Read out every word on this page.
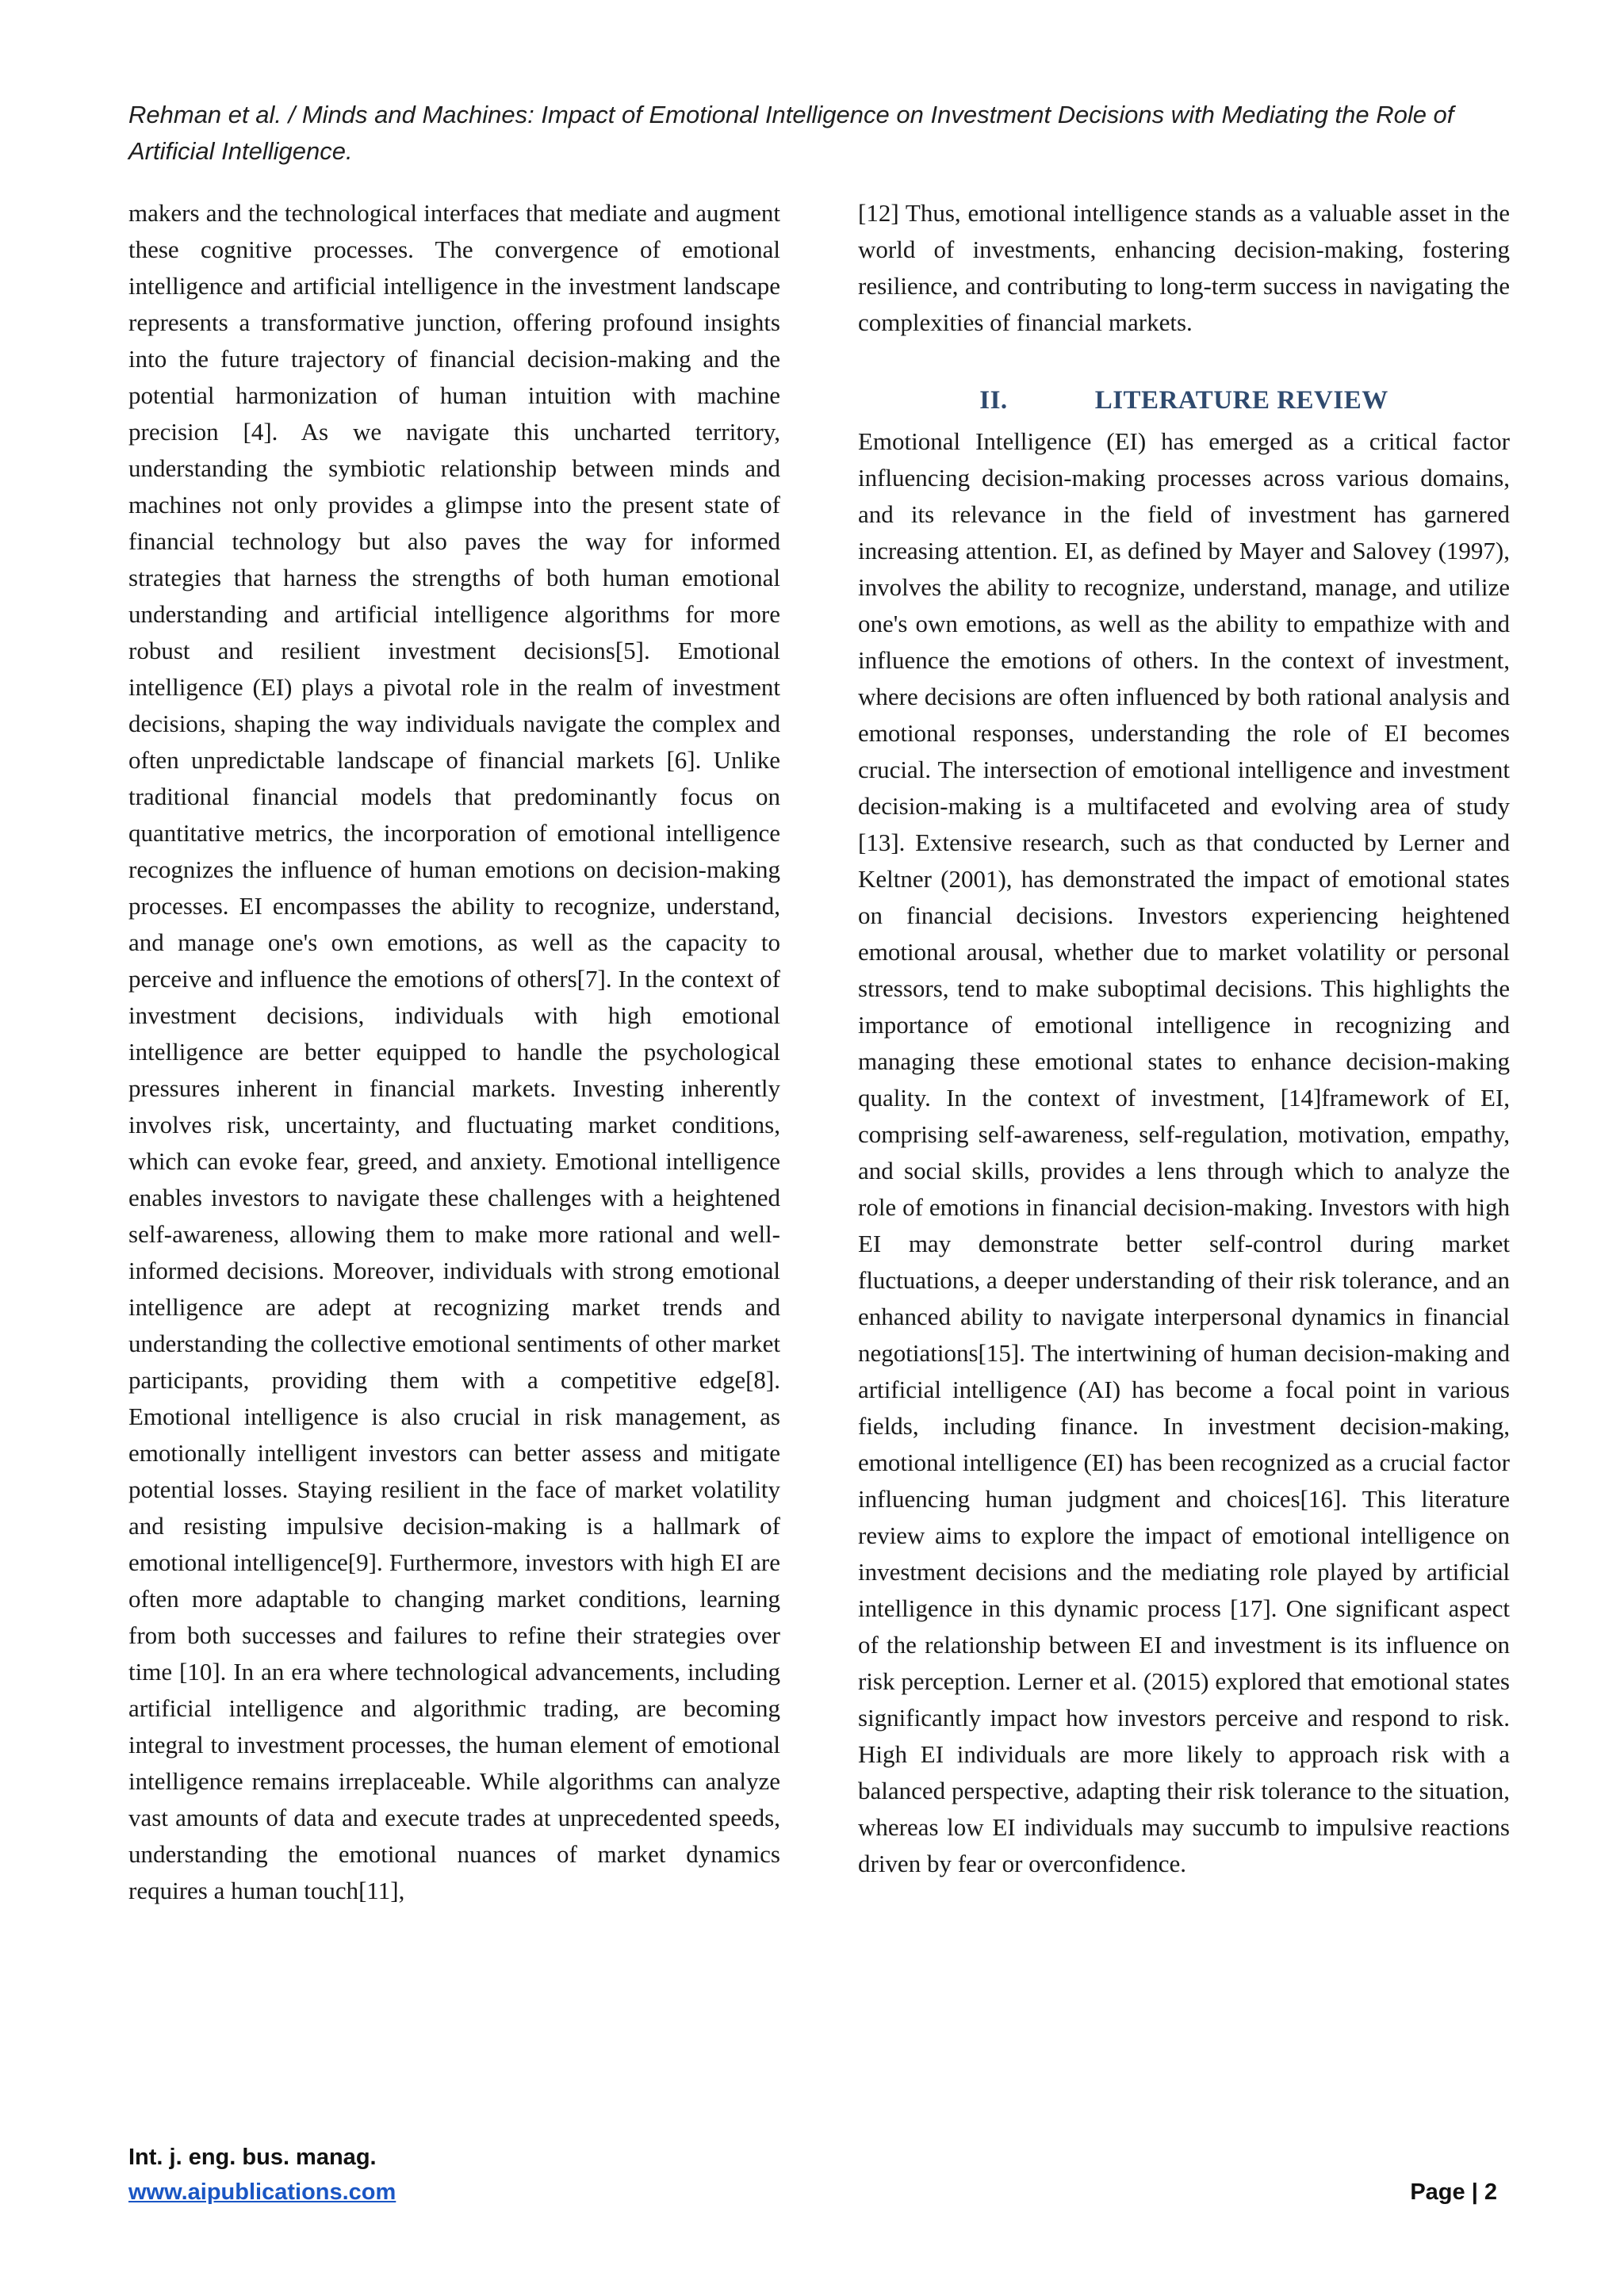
Rehman et al. / Minds and Machines: Impact of Emotional Intelligence on Investment Decisions with Mediating the Role of Artificial Intelligence.

makers and the technological interfaces that mediate and augment these cognitive processes. The convergence of emotional intelligence and artificial intelligence in the investment landscape represents a transformative junction, offering profound insights into the future trajectory of financial decision-making and the potential harmonization of human intuition with machine precision [4]. As we navigate this uncharted territory, understanding the symbiotic relationship between minds and machines not only provides a glimpse into the present state of financial technology but also paves the way for informed strategies that harness the strengths of both human emotional understanding and artificial intelligence algorithms for more robust and resilient investment decisions[5]. Emotional intelligence (EI) plays a pivotal role in the realm of investment decisions, shaping the way individuals navigate the complex and often unpredictable landscape of financial markets [6]. Unlike traditional financial models that predominantly focus on quantitative metrics, the incorporation of emotional intelligence recognizes the influence of human emotions on decision-making processes. EI encompasses the ability to recognize, understand, and manage one's own emotions, as well as the capacity to perceive and influence the emotions of others[7]. In the context of investment decisions, individuals with high emotional intelligence are better equipped to handle the psychological pressures inherent in financial markets. Investing inherently involves risk, uncertainty, and fluctuating market conditions, which can evoke fear, greed, and anxiety. Emotional intelligence enables investors to navigate these challenges with a heightened self-awareness, allowing them to make more rational and well-informed decisions. Moreover, individuals with strong emotional intelligence are adept at recognizing market trends and understanding the collective emotional sentiments of other market participants, providing them with a competitive edge[8]. Emotional intelligence is also crucial in risk management, as emotionally intelligent investors can better assess and mitigate potential losses. Staying resilient in the face of market volatility and resisting impulsive decision-making is a hallmark of emotional intelligence[9]. Furthermore, investors with high EI are often more adaptable to changing market conditions, learning from both successes and failures to refine their strategies over time [10]. In an era where technological advancements, including artificial intelligence and algorithmic trading, are becoming integral to investment processes, the human element of emotional intelligence remains irreplaceable. While algorithms can analyze vast amounts of data and execute trades at unprecedented speeds, understanding the emotional nuances of market dynamics requires a human touch[11],

[12] Thus, emotional intelligence stands as a valuable asset in the world of investments, enhancing decision-making, fostering resilience, and contributing to long-term success in navigating the complexities of financial markets.

II.	LITERATURE REVIEW

Emotional Intelligence (EI) has emerged as a critical factor influencing decision-making processes across various domains, and its relevance in the field of investment has garnered increasing attention. EI, as defined by Mayer and Salovey (1997), involves the ability to recognize, understand, manage, and utilize one's own emotions, as well as the ability to empathize with and influence the emotions of others. In the context of investment, where decisions are often influenced by both rational analysis and emotional responses, understanding the role of EI becomes crucial. The intersection of emotional intelligence and investment decision-making is a multifaceted and evolving area of study [13]. Extensive research, such as that conducted by Lerner and Keltner (2001), has demonstrated the impact of emotional states on financial decisions. Investors experiencing heightened emotional arousal, whether due to market volatility or personal stressors, tend to make suboptimal decisions. This highlights the importance of emotional intelligence in recognizing and managing these emotional states to enhance decision-making quality. In the context of investment, [14]framework of EI, comprising self-awareness, self-regulation, motivation, empathy, and social skills, provides a lens through which to analyze the role of emotions in financial decision-making. Investors with high EI may demonstrate better self-control during market fluctuations, a deeper understanding of their risk tolerance, and an enhanced ability to navigate interpersonal dynamics in financial negotiations[15]. The intertwining of human decision-making and artificial intelligence (AI) has become a focal point in various fields, including finance. In investment decision-making, emotional intelligence (EI) has been recognized as a crucial factor influencing human judgment and choices[16]. This literature review aims to explore the impact of emotional intelligence on investment decisions and the mediating role played by artificial intelligence in this dynamic process [17]. One significant aspect of the relationship between EI and investment is its influence on risk perception. Lerner et al. (2015) explored that emotional states significantly impact how investors perceive and respond to risk. High EI individuals are more likely to approach risk with a balanced perspective, adapting their risk tolerance to the situation, whereas low EI individuals may succumb to impulsive reactions driven by fear or overconfidence.

Int. j. eng. bus. manag.
www.aipublications.com	Page | 2
